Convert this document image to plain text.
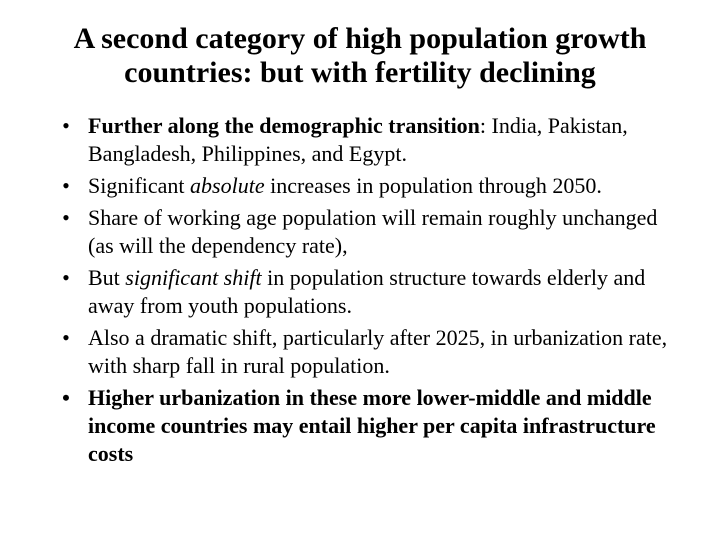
A second category of high population growth
countries: but with fertility declining
• Further along the demographic transition: India, Pakistan, Bangladesh, Philippines, and Egypt.
• Significant absolute increases in population through 2050.
• Share of working age population will remain roughly unchanged (as will the dependency rate),
• But significant shift in population structure towards elderly and away from youth populations.
• Also a dramatic shift, particularly after 2025, in urbanization rate, with sharp fall in rural population.
• Higher urbanization in these more lower-middle and middle income countries may entail higher per capita infrastructure costs
